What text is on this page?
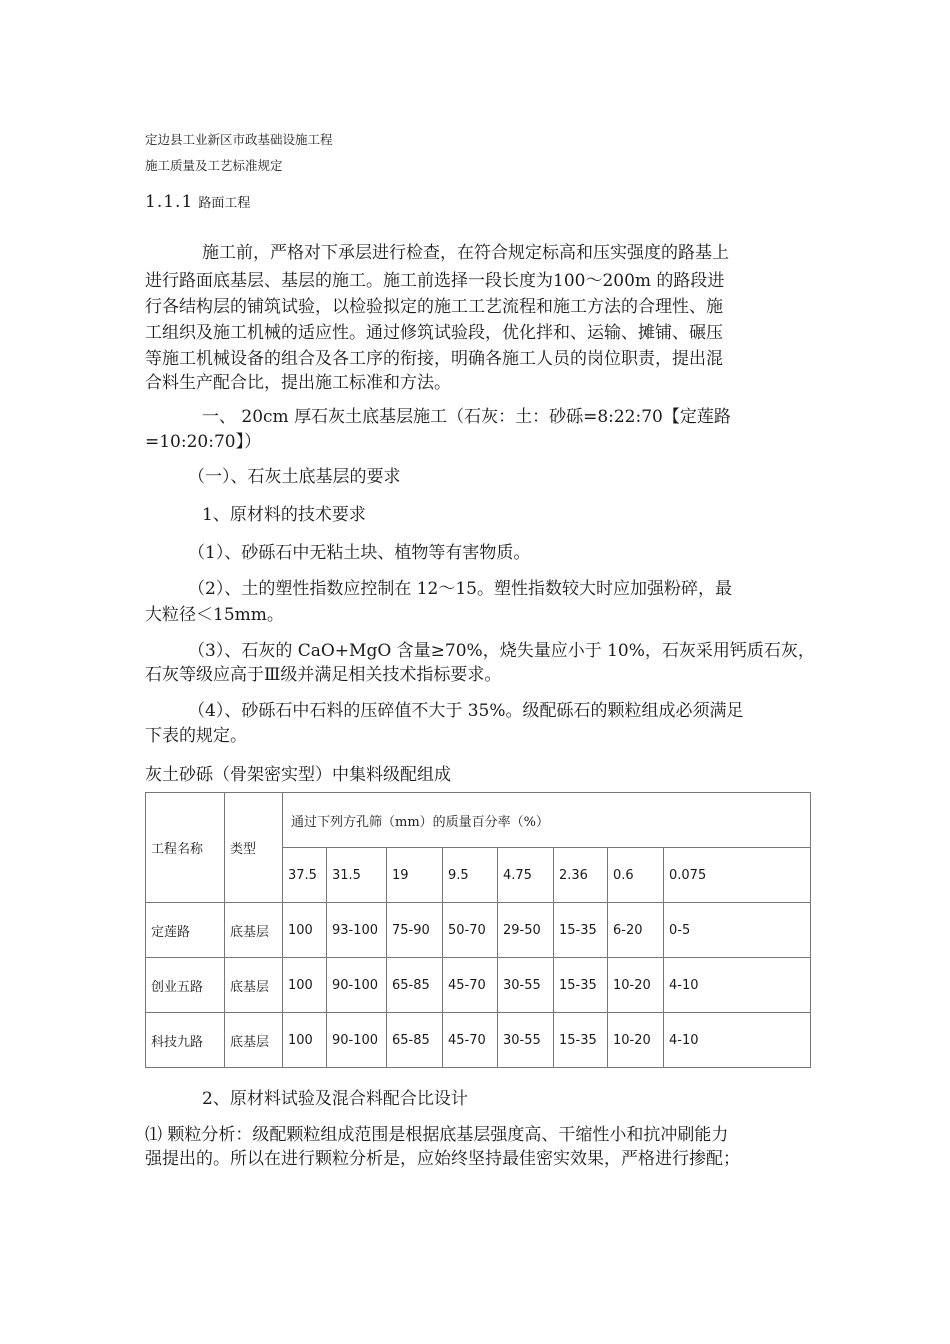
定边县工业新区市政基础设施工程
施工质量及工艺标准规定
1.1.1 路面工程
施工前，严格对下承层进行检查，在符合规定标高和压实强度的路基上
进行路面底基层、基层的施工。施工前选择一段长度为100～200m 的路段进
行各结构层的铺筑试验，以检验拟定的施工工艺流程和施工方法的合理性、施
工组织及施工机械的适应性。通过修筑试验段，优化拌和、运输、摊铺、碾压
等施工机械设备的组合及各工序的衔接，明确各施工人员的岗位职责，提出混
合料生产配合比，提出施工标准和方法。
一、 20cm 厚石灰土底基层施工（石灰：土：砂砾=8:22:70【定莲路
=10:20:70】）
（一）、石灰土底基层的要求
1、原材料的技术要求
（1）、砂砾石中无粘土块、植物等有害物质。
（2）、土的塑性指数应控制在 12～15。塑性指数较大时应加强粉碎，最
大粒径＜15mm。
（3）、石灰的 CaO+MgO 含量≥70%，烧失量应小于 10%，石灰采用钙质石灰，
石灰等级应高于Ⅲ级并满足相关技术指标要求。
（4）、砂砾石中石料的压碎值不大于 35%。级配砾石的颗粒组成必须满足
下表的规定。
灰土砂砾（骨架密实型）中集料级配组成
工程名称	类型	通过下列方孔筛（mm）的质量百分率（%）							
		37.5	31.5	19	9.5	4.75	2.36	0.6	0.075
定莲路	底基层	100	93-100	75-90	50-70	29-50	15-35	6-20	0-5
创业五路	底基层	100	90-100	65-85	45-70	30-55	15-35	10-20	4-10
科技九路	底基层	100	90-100	65-85	45-70	30-55	15-35	10-20	4-10
2、原材料试验及混合料配合比设计
⑴ 颗粒分析：级配颗粒组成范围是根据底基层强度高、干缩性小和抗冲刷能力
强提出的。所以在进行颗粒分析是，应始终坚持最佳密实效果，严格进行掺配；
